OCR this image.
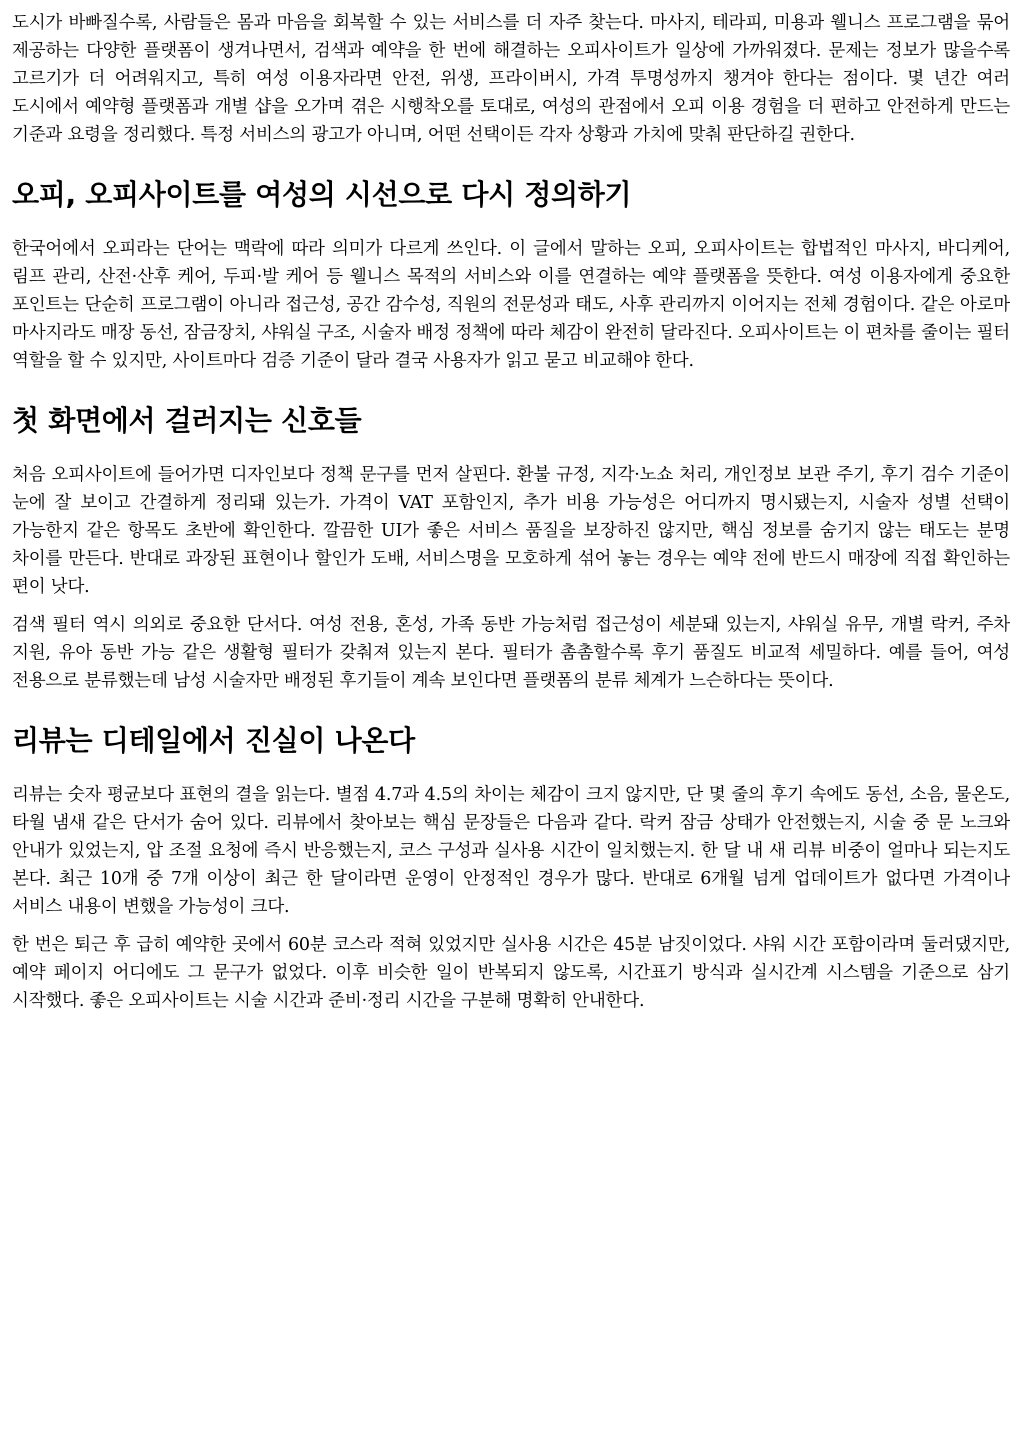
도시가 바빠질수록, 사람들은 몸과 마음을 회복할 수 있는 서비스를 더 자주 찾는다. 마사지, 테라피, 미용과 웰니스 프로그램을 묶어 제공하는 다양한 플랫폼이 생겨나면서, 검색과 예약을 한 번에 해결하는 오피사이트가 일상에 가까워졌다. 문제는 정보가 많을수록 고르기가 더 어려워지고, 특히 여성 이용자라면 안전, 위생, 프라이버시, 가격 투명성까지 챙겨야 한다는 점이다. 몇 년간 여러 도시에서 예약형 플랫폼과 개별 샵을 오가며 겪은 시행착오를 토대로, 여성의 관점에서 오피 이용 경험을 더 편하고 안전하게 만드는 기준과 요령을 정리했다. 특정 서비스의 광고가 아니며, 어떤 선택이든 각자 상황과 가치에 맞춰 판단하길 권한다.

오피, 오피사이트를 여성의 시선으로 다시 정의하기

한국어에서 오피라는 단어는 맥락에 따라 의미가 다르게 쓰인다. 이 글에서 말하는 오피, 오피사이트는 합법적인 마사지, 바디케어, 림프 관리, 산전·산후 케어, 두피·발 케어 등 웰니스 목적의 서비스와 이를 연결하는 예약 플랫폼을 뜻한다. 여성 이용자에게 중요한 포인트는 단순히 프로그램이 아니라 접근성, 공간 감수성, 직원의 전문성과 태도, 사후 관리까지 이어지는 전체 경험이다. 같은 아로마 마사지라도 매장 동선, 잠금장치, 샤워실 구조, 시술자 배정 정책에 따라 체감이 완전히 달라진다. 오피사이트는 이 편차를 줄이는 필터 역할을 할 수 있지만, 사이트마다 검증 기준이 달라 결국 사용자가 읽고 묻고 비교해야 한다.

첫 화면에서 걸러지는 신호들

처음 오피사이트에 들어가면 디자인보다 정책 문구를 먼저 살핀다. 환불 규정, 지각·노쇼 처리, 개인정보 보관 주기, 후기 검수 기준이 눈에 잘 보이고 간결하게 정리돼 있는가. 가격이 VAT 포함인지, 추가 비용 가능성은 어디까지 명시됐는지, 시술자 성별 선택이 가능한지 같은 항목도 초반에 확인한다. 깔끔한 UI가 좋은 서비스 품질을 보장하진 않지만, 핵심 정보를 숨기지 않는 태도는 분명 차이를 만든다. 반대로 과장된 표현이나 할인가 도배, 서비스명을 모호하게 섞어 놓는 경우는 예약 전에 반드시 매장에 직접 확인하는 편이 낫다.

검색 필터 역시 의외로 중요한 단서다. 여성 전용, 혼성, 가족 동반 가능처럼 접근성이 세분돼 있는지, 샤워실 유무, 개별 락커, 주차 지원, 유아 동반 가능 같은 생활형 필터가 갖춰져 있는지 본다. 필터가 촘촘할수록 후기 품질도 비교적 세밀하다. 예를 들어, 여성 전용으로 분류했는데 남성 시술자만 배정된 후기들이 계속 보인다면 플랫폼의 분류 체계가 느슨하다는 뜻이다.

리뷰는 디테일에서 진실이 나온다

리뷰는 숫자 평균보다 표현의 결을 읽는다. 별점 4.7과 4.5의 차이는 체감이 크지 않지만, 단 몇 줄의 후기 속에도 동선, 소음, 물온도, 타월 냄새 같은 단서가 숨어 있다. 리뷰에서 찾아보는 핵심 문장들은 다음과 같다. 락커 잠금 상태가 안전했는지, 시술 중 문 노크와 안내가 있었는지, 압 조절 요청에 즉시 반응했는지, 코스 구성과 실사용 시간이 일치했는지. 한 달 내 새 리뷰 비중이 얼마나 되는지도 본다. 최근 10개 중 7개 이상이 최근 한 달이라면 운영이 안정적인 경우가 많다. 반대로 6개월 넘게 업데이트가 없다면 가격이나 서비스 내용이 변했을 가능성이 크다.

한 번은 퇴근 후 급히 예약한 곳에서 60분 코스라 적혀 있었지만 실사용 시간은 45분 남짓이었다. 샤워 시간 포함이라며 둘러댔지만, 예약 페이지 어디에도 그 문구가 없었다. 이후 비슷한 일이 반복되지 않도록, 시간표기 방식과 실시간계 시스템을 기준으로 삼기 시작했다. 좋은 오피사이트는 시술 시간과 준비·정리 시간을 구분해 명확히 안내한다.
